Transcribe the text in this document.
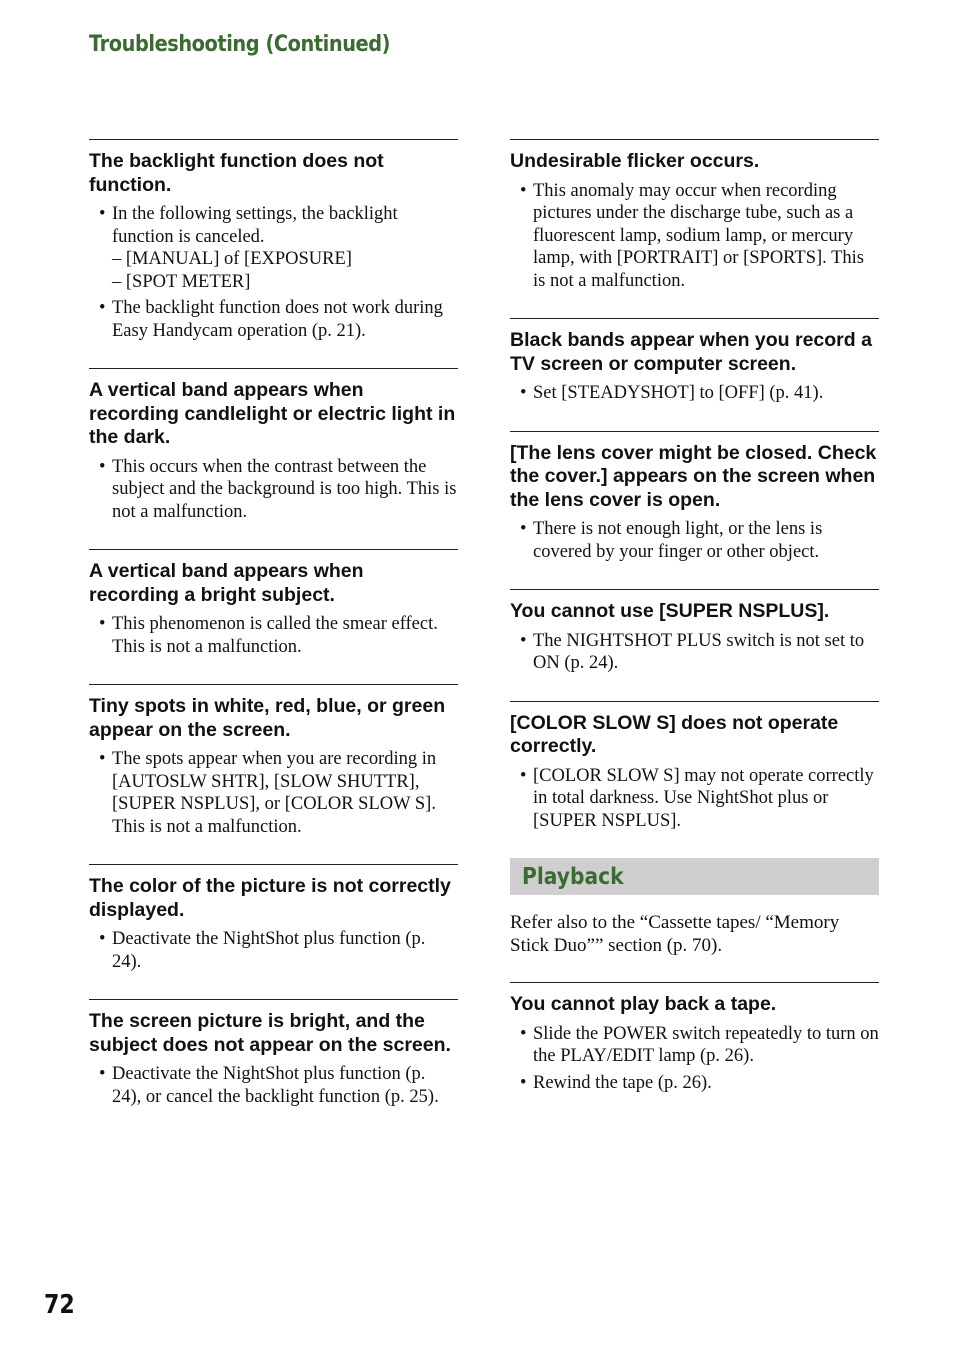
Troubleshooting (Continued)
The backlight function does not function.
• In the following settings, the backlight function is canceled.
– [MANUAL] of [EXPOSURE]
– [SPOT METER]
• The backlight function does not work during Easy Handycam operation (p. 21).
A vertical band appears when recording candlelight or electric light in the dark.
• This occurs when the contrast between the subject and the background is too high. This is not a malfunction.
A vertical band appears when recording a bright subject.
• This phenomenon is called the smear effect. This is not a malfunction.
Tiny spots in white, red, blue, or green appear on the screen.
• The spots appear when you are recording in [AUTOSLW SHTR], [SLOW SHUTTR], [SUPER NSPLUS], or [COLOR SLOW S]. This is not a malfunction.
The color of the picture is not correctly displayed.
• Deactivate the NightShot plus function (p. 24).
The screen picture is bright, and the subject does not appear on the screen.
• Deactivate the NightShot plus function (p. 24), or cancel the backlight function (p. 25).
Undesirable flicker occurs.
• This anomaly may occur when recording pictures under the discharge tube, such as a fluorescent lamp, sodium lamp, or mercury lamp, with [PORTRAIT] or [SPORTS]. This is not a malfunction.
Black bands appear when you record a TV screen or computer screen.
• Set [STEADYSHOT] to [OFF] (p. 41).
[The lens cover might be closed. Check the cover.] appears on the screen when the lens cover is open.
• There is not enough light, or the lens is covered by your finger or other object.
You cannot use [SUPER NSPLUS].
• The NIGHTSHOT PLUS switch is not set to ON (p. 24).
[COLOR SLOW S] does not operate correctly.
• [COLOR SLOW S] may not operate correctly in total darkness. Use NightShot plus or [SUPER NSPLUS].
Playback

Refer also to the “Cassette tapes/ “Memory Stick Duo”” section (p. 70).

You cannot play back a tape.
• Slide the POWER switch repeatedly to turn on the PLAY/EDIT lamp (p. 26).
• Rewind the tape (p. 26).
72
